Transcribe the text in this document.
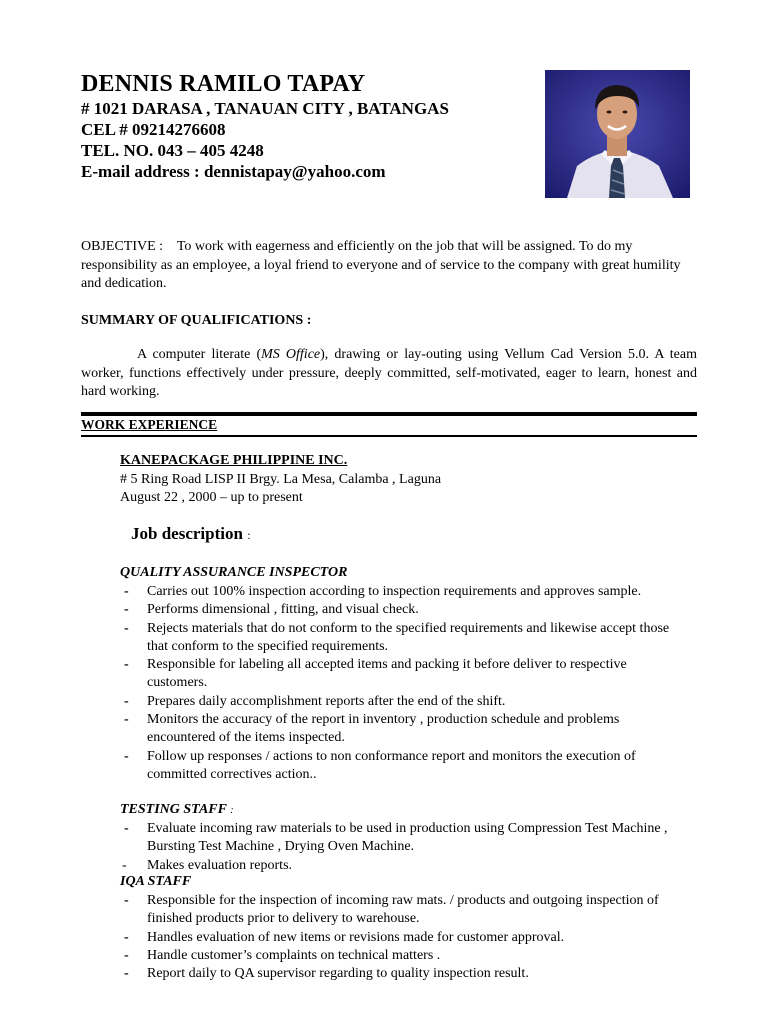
DENNIS RAMILO TAPAY
# 1021 DARASA , TANAUAN CITY , BATANGAS
CEL # 09214276608
TEL. NO. 043 – 405 4248
E-mail address : dennistapay@yahoo.com
OBJECTIVE : To work with eagerness and efficiently on the job that will be assigned. To do my responsibility as an employee, a loyal friend to everyone and of service to the company with great humility and dedication.
SUMMARY OF QUALIFICATIONS :
A computer literate (MS Office), drawing or lay-outing using Vellum Cad Version 5.0. A team worker, functions effectively under pressure, deeply committed, self-motivated, eager to learn, honest and hard working.
WORK EXPERIENCE
KANEPACKAGE PHILIPPINE INC.
# 5 Ring Road LISP II Brgy. La Mesa, Calamba , Laguna
August 22 , 2000 – up to present
Job description :
QUALITY ASSURANCE INSPECTOR
- Carries out 100% inspection according to inspection requirements and approves sample.
- Performs dimensional , fitting, and visual check.
- Rejects materials that do not conform to the specified requirements and likewise accept those that conform to the specified requirements.
- Responsible for labeling all accepted items and packing it before deliver to respective customers.
- Prepares daily accomplishment reports after the end of the shift.
- Monitors the accuracy of the report in inventory , production schedule and problems encountered of the items inspected.
- Follow up responses / actions to non conformance report and monitors the execution of committed correctives action..
TESTING STAFF :
- Evaluate incoming raw materials to be used in production using Compression Test Machine , Bursting Test Machine , Drying Oven Machine.
- Makes evaluation reports.
IQA STAFF
- Responsible for the inspection of incoming raw mats. / products and outgoing inspection of finished products prior to delivery to warehouse.
- Handles evaluation of new items or revisions made for customer approval.
- Handle customer’s complaints on technical matters .
- Report daily to QA supervisor regarding to quality inspection result.
